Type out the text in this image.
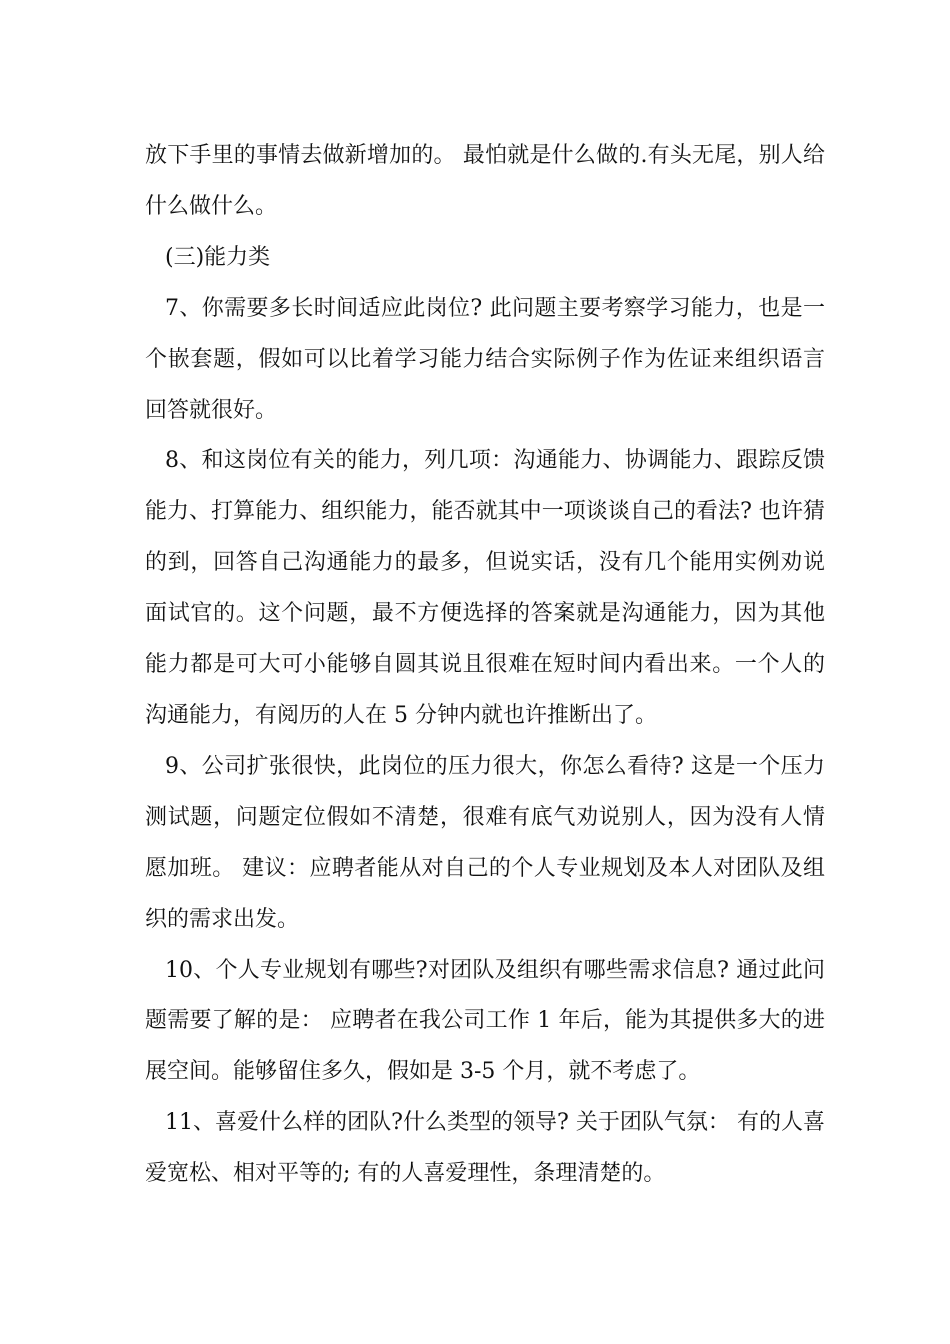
放下手里的事情去做新增加的。 最怕就是什么做的.有头无尾，别人给什么做什么。

(三)能力类

7、你需要多长时间适应此岗位? 此问题主要考察学习能力，也是一个嵌套题，假如可以比着学习能力结合实际例子作为佐证来组织语言回答就很好。

8、和这岗位有关的能力，列几项：沟通能力、协调能力、跟踪反馈能力、打算能力、组织能力，能否就其中一项谈谈自己的看法? 也许猜的到，回答自己沟通能力的最多，但说实话，没有几个能用实例劝说面试官的。这个问题，最不方便选择的答案就是沟通能力，因为其他能力都是可大可小能够自圆其说且很难在短时间内看出来。一个人的沟通能力，有阅历的人在 5 分钟内就也许推断出了。

9、公司扩张很快，此岗位的压力很大，你怎么看待? 这是一个压力测试题，问题定位假如不清楚，很难有底气劝说别人，因为没有人情愿加班。 建议：应聘者能从对自己的个人专业规划及本人对团队及组织的需求出发。

10、个人专业规划有哪些?对团队及组织有哪些需求信息? 通过此问题需要了解的是： 应聘者在我公司工作 1 年后，能为其提供多大的进展空间。能够留住多久，假如是 3-5 个月，就不考虑了。

11、喜爱什么样的团队?什么类型的领导? 关于团队气氛： 有的人喜爱宽松、相对平等的; 有的人喜爱理性，条理清楚的。
